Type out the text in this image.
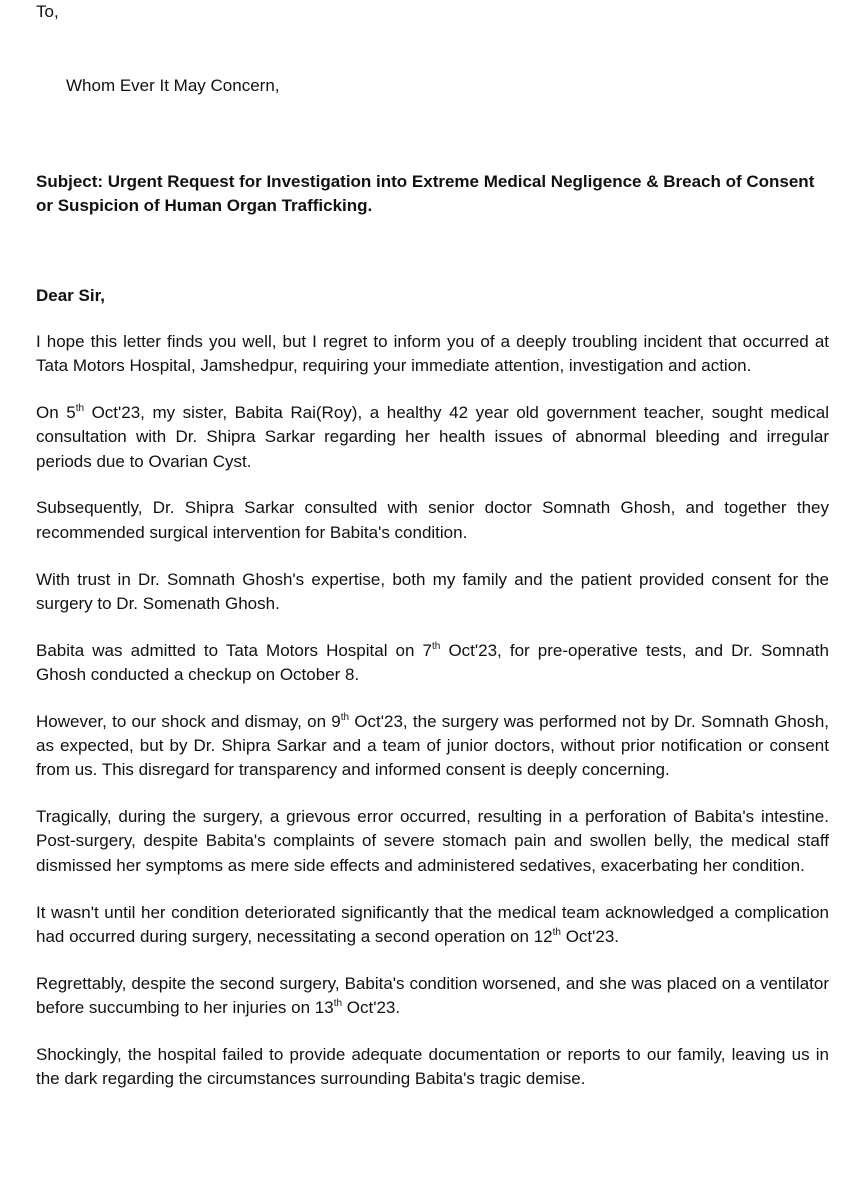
To,
Whom Ever It May Concern,
Subject: Urgent Request for Investigation into Extreme Medical Negligence & Breach of Consent or Suspicion of Human Organ Trafficking.
Dear Sir,

I hope this letter finds you well, but I regret to inform you of a deeply troubling incident that occurred at Tata Motors Hospital, Jamshedpur, requiring your immediate attention, investigation and action.

On 5th Oct'23, my sister, Babita Rai(Roy), a healthy 42 year old government teacher, sought medical consultation with Dr. Shipra Sarkar regarding her health issues of abnormal bleeding and irregular periods due to Ovarian Cyst.

Subsequently, Dr. Shipra Sarkar consulted with senior doctor Somnath Ghosh, and together they recommended surgical intervention for Babita's condition.

With trust in Dr. Somnath Ghosh's expertise, both my family and the patient provided consent for the surgery to Dr. Somenath Ghosh.

Babita was admitted to Tata Motors Hospital on 7th Oct'23, for pre-operative tests, and Dr. Somnath Ghosh conducted a checkup on October 8.

However, to our shock and dismay, on 9th Oct'23, the surgery was performed not by Dr. Somnath Ghosh, as expected, but by Dr. Shipra Sarkar and a team of junior doctors, without prior notification or consent from us. This disregard for transparency and informed consent is deeply concerning.

Tragically, during the surgery, a grievous error occurred, resulting in a perforation of Babita's intestine. Post-surgery, despite Babita's complaints of severe stomach pain and swollen belly, the medical staff dismissed her symptoms as mere side effects and administered sedatives, exacerbating her condition.

It wasn't until her condition deteriorated significantly that the medical team acknowledged a complication had occurred during surgery, necessitating a second operation on 12th Oct'23.

Regrettably, despite the second surgery, Babita's condition worsened, and she was placed on a ventilator before succumbing to her injuries on 13th Oct'23.

Shockingly, the hospital failed to provide adequate documentation or reports to our family, leaving us in the dark regarding the circumstances surrounding Babita's tragic demise.
